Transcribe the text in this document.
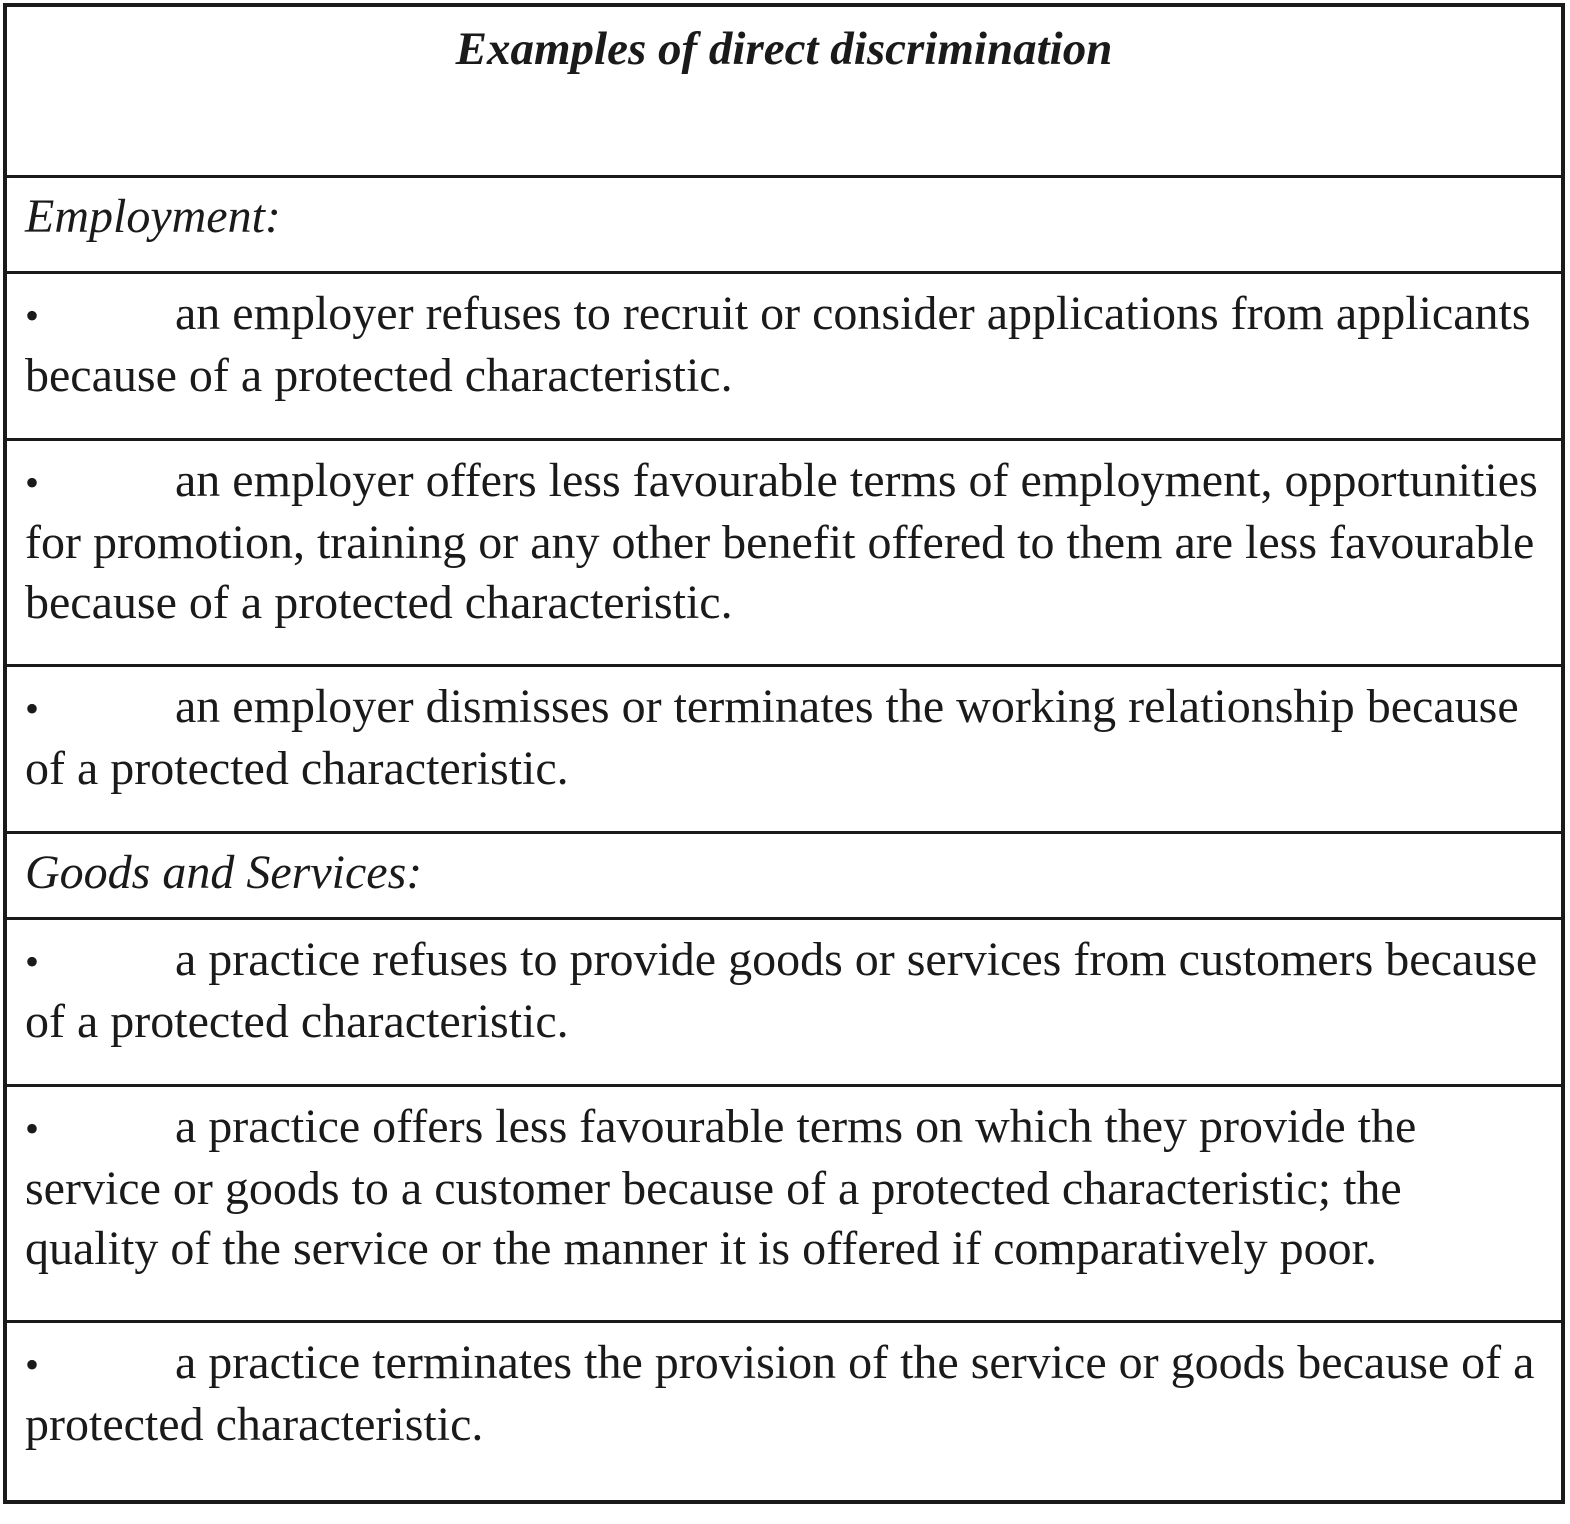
Examples of direct discrimination
Employment:
•	an employer refuses to recruit or consider applications from applicants because of a protected characteristic.
•	an employer offers less favourable terms of employment, opportunities for promotion, training or any other benefit offered to them are less favourable because of a protected characteristic.
•	an employer dismisses or terminates the working relationship because of a protected characteristic.
Goods and Services:
•	a practice refuses to provide goods or services from customers because of a protected characteristic.
•	a practice offers less favourable terms on which they provide the service or goods to a customer because of a protected characteristic; the quality of the service or the manner it is offered if comparatively poor.
•	a practice terminates the provision of the service or goods because of a protected characteristic.
